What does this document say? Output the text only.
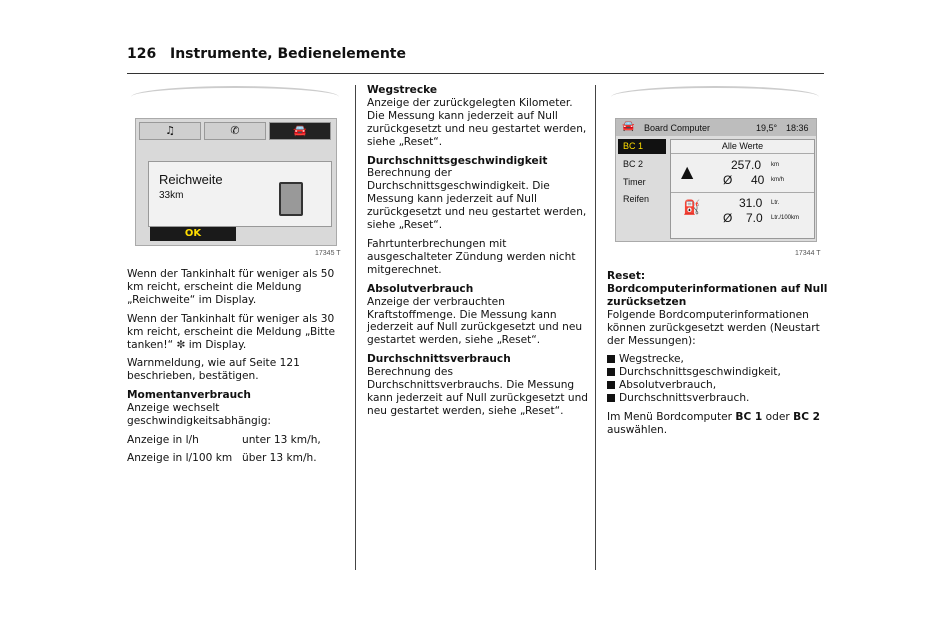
126 Instrumente, Bedienelemente
♫	✆	🚘
Reichweite
33km
OK
17345 T

Wenn der Tankinhalt für weniger als 50 km reicht, erscheint die Meldung „Reichweite“ im Display.

Wenn der Tankinhalt für weniger als 30 km reicht, erscheint die Meldung „Bitte tanken!“ ✼ im Display.

Warnmeldung, wie auf Seite 121 beschrieben, bestätigen.

Momentanverbrauch

Anzeige wechselt geschwindigkeitsabhängig:

Anzeige in l/h	unter 13 km/h,
Anzeige in l/100 km über 13 km/h.
Wegstrecke

Anzeige der zurückgelegten Kilometer. Die Messung kann jederzeit auf Null zurückgesetzt und neu gestartet werden, siehe „Reset“.

Durchschnittsgeschwindigkeit

Berechnung der Durchschnittsgeschwindigkeit. Die Messung kann jederzeit auf Null zurückgesetzt und neu gestartet werden, siehe „Reset“.

Fahrtunterbrechungen mit ausgeschalteter Zündung werden nicht mitgerechnet.

Absolutverbrauch

Anzeige der verbrauchten Kraftstoffmenge. Die Messung kann jederzeit auf Null zurückgesetzt und neu gestartet werden, siehe „Reset“.

Durchschnittsverbrauch

Berechnung des Durchschnittsverbrauchs. Die Messung kann jederzeit auf Null zurückgesetzt und neu gestartet werden, siehe „Reset“.

🚘 Board Computer	19,5° 18:36
BC 1
BC 2
Timer
Reifen
Alle Werte
▲	257.0 km
Ø 40 km/h
⛽	31.0 Ltr.
Ø 7.0 Ltr./100km
17344 T
Reset:
Bordcomputerinformationen auf Null zurücksetzen

Folgende Bordcomputerinformationen können zurückgesetzt werden (Neustart der Messungen):

Wegstrecke,
Durchschnittsgeschwindigkeit,
Absolutverbrauch,
Durchschnittsverbrauch.

Im Menü Bordcomputer BC 1 oder BC 2 auswählen.
